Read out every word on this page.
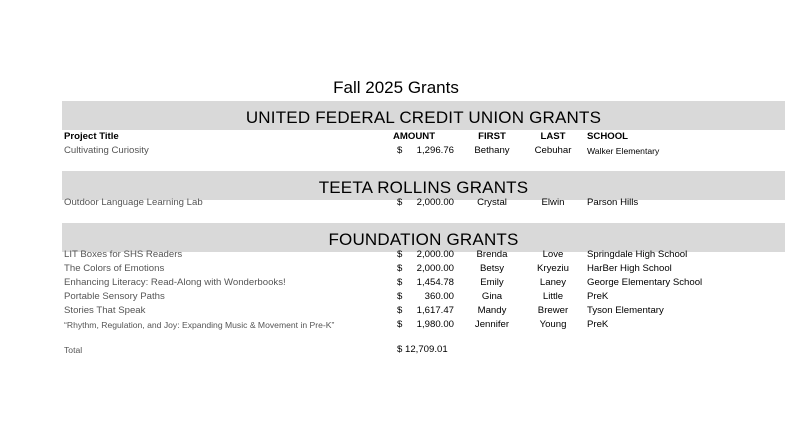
Fall 2025 Grants
UNITED FEDERAL CREDIT UNION GRANTS
Project Title	AMOUNT	FIRST	LAST	SCHOOL
Cultivating Curiosity	$	1,296.76	Bethany	Cebuhar	Walker Elementary
TEETA ROLLINS GRANTS
Outdoor Language Learning Lab	$	2,000.00	Crystal	Elwin	Parson Hills
FOUNDATION GRANTS
LIT Boxes for SHS Readers	$	2,000.00	Brenda	Love	Springdale High School
The Colors of Emotions	$	2,000.00	Betsy	Kryeziu	HarBer High School
Enhancing Literacy: Read-Along with Wonderbooks!	$	1,454.78	Emily	Laney	George Elementary School
Portable Sensory Paths	$	360.00	Gina	Little	PreK
Stories That Speak	$	1,617.47	Mandy	Brewer	Tyson Elementary
“Rhythm, Regulation, and Joy: Expanding Music & Movement in Pre-K”	$	1,980.00	Jennifer	Young	PreK
Total	$ 12,709.01
